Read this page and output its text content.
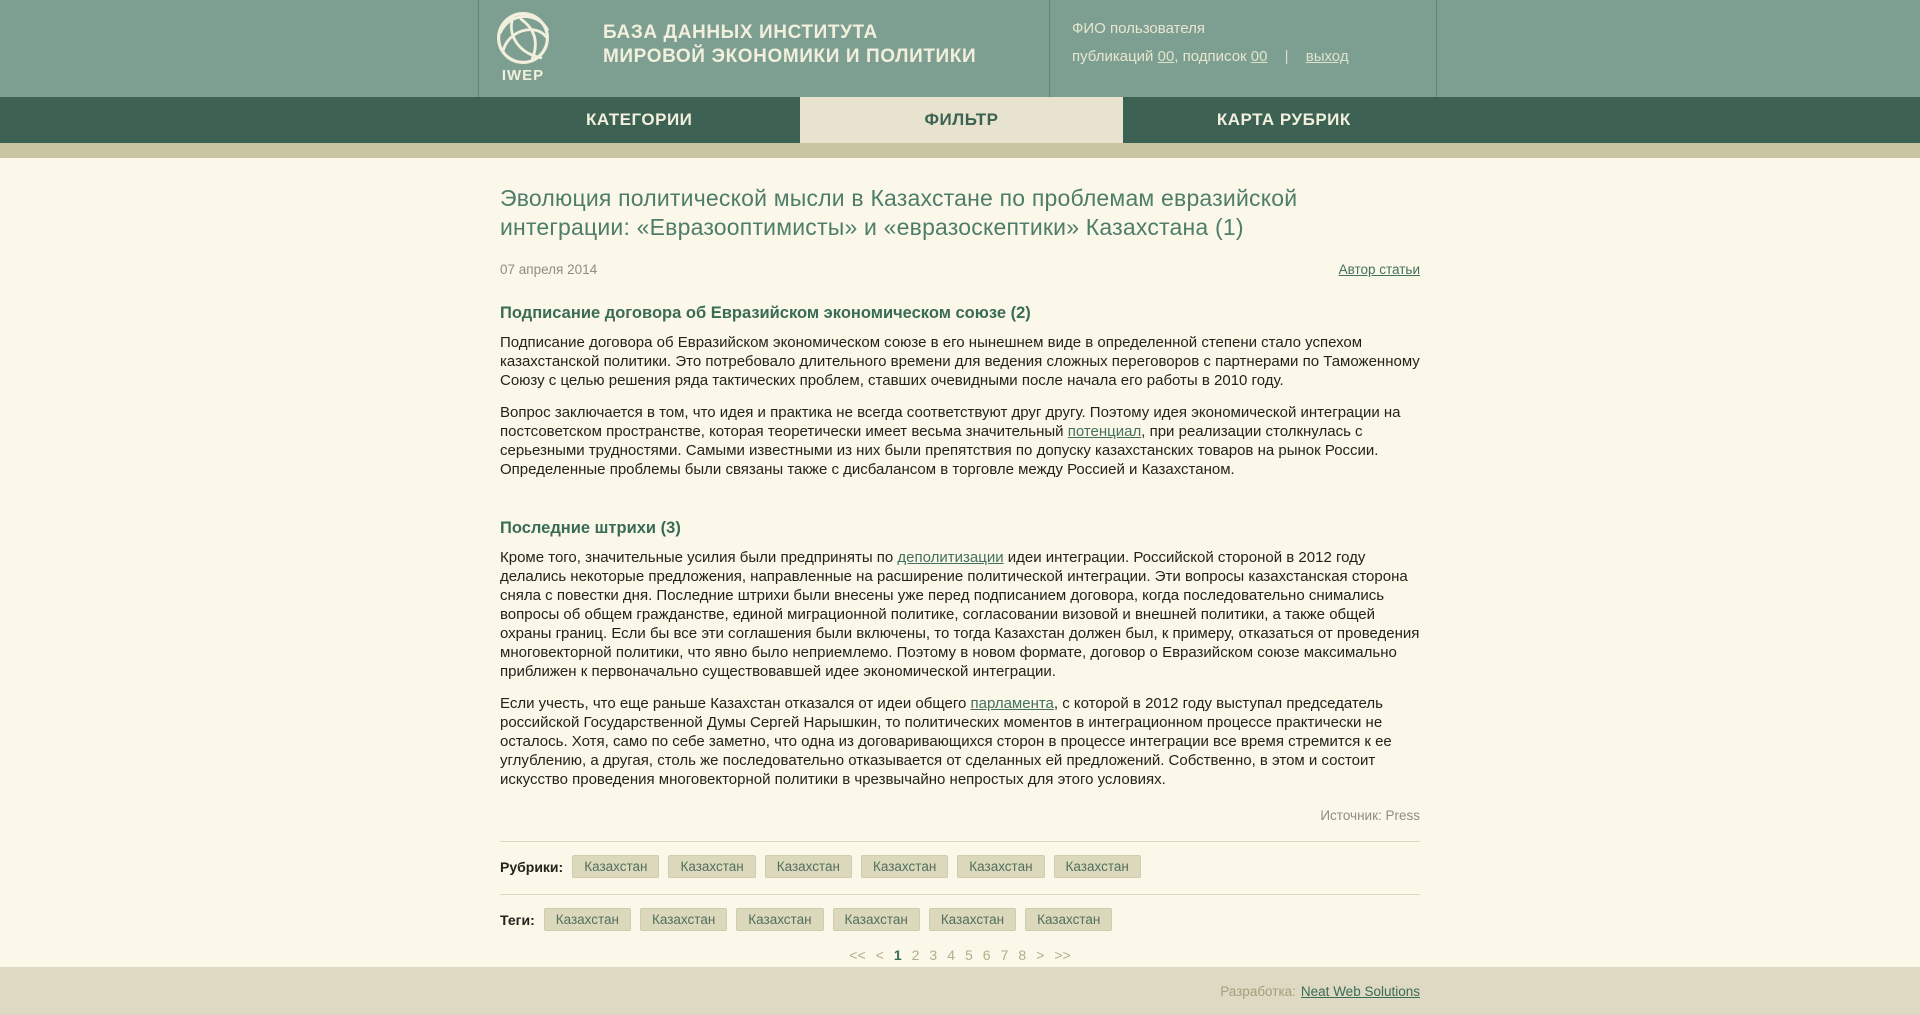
IWEP
БАЗА ДАННЫХ ИНСТИТУТА
МИРОВОЙ ЭКОНОМИКИ И ПОЛИТИКИ
ФИО пользователя
публикаций 00, подписок 00 | выход
КАТЕГОРИИ	ФИЛЬТР	КАРТА РУБРИК
Эволюция политической мысли в Казахстане по проблемам евразийской интеграции: «Евразооптимисты» и «евразоскептики» Казахстана (1)
07 апреля 2014	Автор статьи
Подписание договора об Евразийском экономическом союзе (2)

Подписание договора об Евразийском экономическом союзе в его нынешнем виде в определенной степени стало успехом казахстанской политики. Это потребовало длительного времени для ведения сложных переговоров с партнерами по Таможенному Союзу с целью решения ряда тактических проблем, ставших очевидными после начала его работы в 2010 году.

Вопрос заключается в том, что идея и практика не всегда соответствуют друг другу. Поэтому идея экономической интеграции на постсоветском пространстве, которая теоретически имеет весьма значительный потенциал, при реализации столкнулась с серьезными трудностями. Самыми известными из них были препятствия по допуску казахстанских товаров на рынок России. Определенные проблемы были связаны также с дисбалансом в торговле между Россией и Казахстаном.

Последние штрихи (3)

Кроме того, значительные усилия были предприняты по деполитизации идеи интеграции. Российской стороной в 2012 году делались некоторые предложения, направленные на расширение политической интеграции. Эти вопросы казахстанская сторона сняла с повестки дня. Последние штрихи были внесены уже перед подписанием договора, когда последовательно снимались вопросы об общем гражданстве, единой миграционной политике, согласовании визовой и внешней политики, а также общей охраны границ. Если бы все эти соглашения были включены, то тогда Казахстан должен был, к примеру, отказаться от проведения многовекторной политики, что явно было неприемлемо. Поэтому в новом формате, договор о Евразийском союзе максимально приближен к первоначально существовавшей идее экономической интеграции.

Если учесть, что еще раньше Казахстан отказался от идеи общего парламента, с которой в 2012 году выступал председатель российской Государственной Думы Сергей Нарышкин, то политических моментов в интеграционном процессе практически не осталось. Хотя, само по себе заметно, что одна из договаривающихся сторон в процессе интеграции все время стремится к ее углублению, а другая, столь же последовательно отказывается от сделанных ей предложений. Собственно, в этом и состоит искусство проведения многовекторной политики в чрезвычайно непростых для этого условиях.

Источник: Press
Рубрики:	Казахстан	Казахстан	Казахстан	Казахстан	Казахстан	Казахстан
Теги:	Казахстан	Казахстан	Казахстан	Казахстан	Казахстан	Казахстан
<< < 1 2 3 4 5 6 7 8 > >>
Разработка: Neat Web Solutions
